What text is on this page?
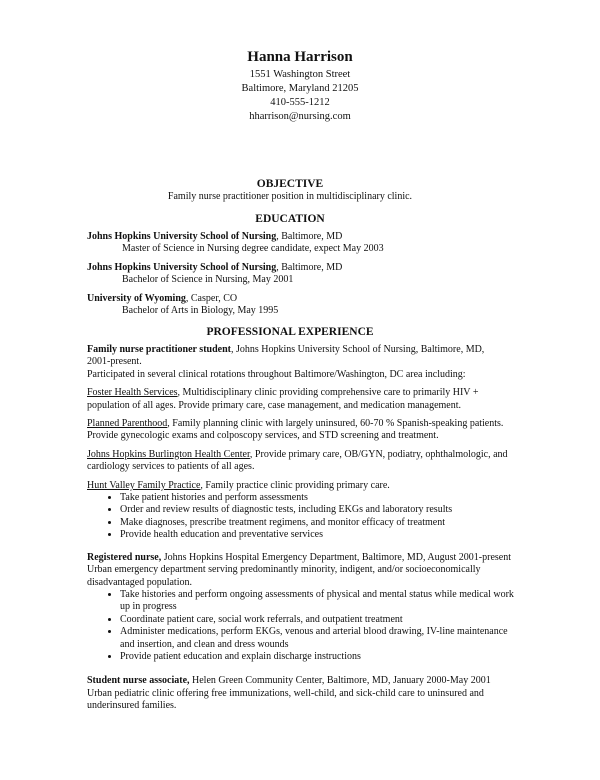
Hanna Harrison
1551 Washington Street
Baltimore, Maryland 21205
410-555-1212
hharrison@nursing.com
OBJECTIVE
Family nurse practitioner position in multidisciplinary clinic.
EDUCATION

Johns Hopkins University School of Nursing, Baltimore, MD

Master of Science in Nursing degree candidate, expect May 2003

Johns Hopkins University School of Nursing, Baltimore, MD

Bachelor of Science in Nursing, May 2001

University of Wyoming, Casper, CO

Bachelor of Arts in Biology, May 1995

PROFESSIONAL EXPERIENCE

Family nurse practitioner student, Johns Hopkins University School of Nursing, Baltimore, MD,

2001-present.

Participated in several clinical rotations throughout Baltimore/Washington, DC area including:

Foster Health Services, Multidisciplinary clinic providing comprehensive care to primarily HIV +

population of all ages. Provide primary care, case management, and medication management.

Planned Parenthood, Family planning clinic with largely uninsured, 60-70 % Spanish-speaking patients.

Provide gynecologic exams and colposcopy services, and STD screening and treatment.

Johns Hopkins Burlington Health Center, Provide primary care, OB/GYN, podiatry, ophthalmologic, and

cardiology services to patients of all ages.

Hunt Valley Family Practice, Family practice clinic providing primary care.

• Take patient histories and perform assessments
• Order and review results of diagnostic tests, including EKGs and laboratory results
• Make diagnoses, prescribe treatment regimens, and monitor efficacy of treatment
• Provide health education and preventative services

Registered nurse, Johns Hopkins Hospital Emergency Department, Baltimore, MD, August 2001-present

Urban emergency department serving predominantly minority, indigent, and/or socioeconomically

disadvantaged population.

• Take histories and perform ongoing assessments of physical and mental status while medical work up in progress
• Coordinate patient care, social work referrals, and outpatient treatment
• Administer medications, perform EKGs, venous and arterial blood drawing, IV-line maintenance and insertion, and clean and dress wounds
• Provide patient education and explain discharge instructions

Student nurse associate, Helen Green Community Center, Baltimore, MD, January 2000-May 2001

Urban pediatric clinic offering free immunizations, well-child, and sick-child care to uninsured and

underinsured families.
